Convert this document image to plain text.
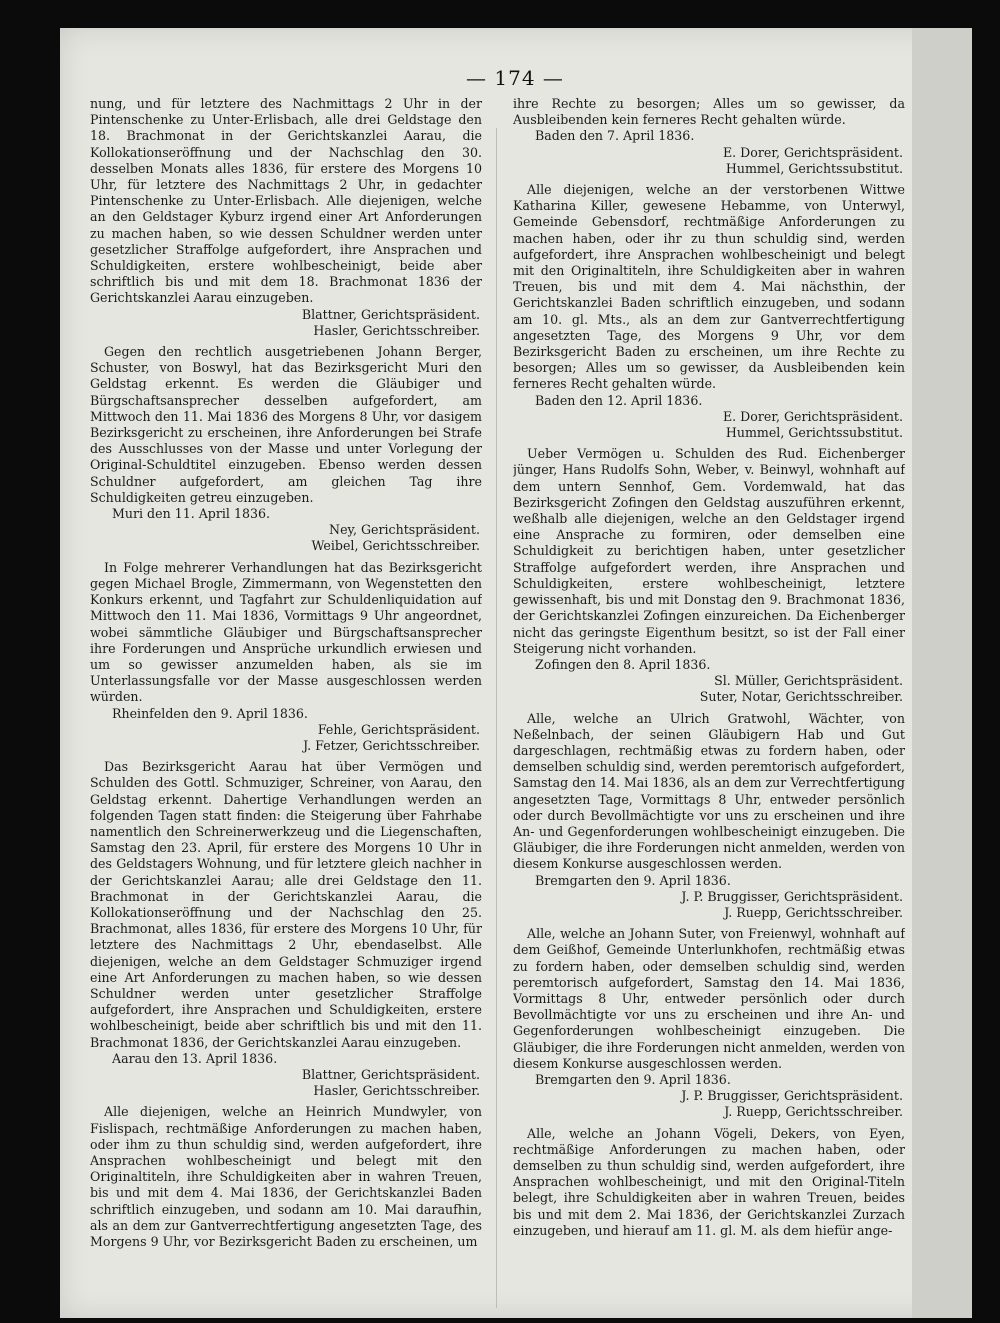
— 174 —

nung, und für letztere des Nachmittags 2 Uhr in der Pintenschenke zu Unter-Erlisbach, alle drei Geldstage den 18. Brachmonat in der Gerichtskanzlei Aarau, die Kollokationseröffnung und der Nachschlag den 30. desselben Monats alles 1836, für erstere des Morgens 10 Uhr, für letztere des Nachmittags 2 Uhr, in gedachter Pintenschenke zu Unter-Erlisbach. Alle diejenigen, welche an den Geldstager Kyburz irgend einer Art Anforderungen zu machen haben, so wie dessen Schuldner werden unter gesetzlicher Straffolge aufgefordert, ihre Ansprachen und Schuldigkeiten, erstere wohlbescheinigt, beide aber schriftlich bis und mit dem 18. Brachmonat 1836 der Gerichtskanzlei Aarau einzugeben.

Blattner, Gerichtspräsident.

Hasler, Gerichtsschreiber.

Gegen den rechtlich ausgetriebenen Johann Berger, Schuster, von Boswyl, hat das Bezirksgericht Muri den Geldstag erkennt. Es werden die Gläubiger und Bürgschaftsansprecher desselben aufgefordert, am Mittwoch den 11. Mai 1836 des Morgens 8 Uhr, vor dasigem Bezirksgericht zu erscheinen, ihre Anforderungen bei Strafe des Ausschlusses von der Masse und unter Vorlegung der Original-Schuldtitel einzugeben. Ebenso werden dessen Schuldner aufgefordert, am gleichen Tag ihre Schuldigkeiten getreu einzugeben.

Muri den 11. April 1836.

Ney, Gerichtspräsident.

Weibel, Gerichtsschreiber.

In Folge mehrerer Verhandlungen hat das Bezirksgericht gegen Michael Brogle, Zimmermann, von Wegenstetten den Konkurs erkennt, und Tagfahrt zur Schuldenliquidation auf Mittwoch den 11. Mai 1836, Vormittags 9 Uhr angeordnet, wobei sämmtliche Gläubiger und Bürgschaftsansprecher ihre Forderungen und Ansprüche urkundlich erwiesen und um so gewisser anzumelden haben, als sie im Unterlassungsfalle vor der Masse ausgeschlossen werden würden.

Rheinfelden den 9. April 1836.

Fehle, Gerichtspräsident.

J. Fetzer, Gerichtsschreiber.

Das Bezirksgericht Aarau hat über Vermögen und Schulden des Gottl. Schmuziger, Schreiner, von Aarau, den Geldstag erkennt. Dahertige Verhandlungen werden an folgenden Tagen statt finden: die Steigerung über Fahrhabe namentlich den Schreinerwerkzeug und die Liegenschaften, Samstag den 23. April, für erstere des Morgens 10 Uhr in des Geldstagers Wohnung, und für letztere gleich nachher in der Gerichtskanzlei Aarau; alle drei Geldstage den 11. Brachmonat in der Gerichtskanzlei Aarau, die Kollokationseröffnung und der Nachschlag den 25. Brachmonat, alles 1836, für erstere des Morgens 10 Uhr, für letztere des Nachmittags 2 Uhr, ebendaselbst. Alle diejenigen, welche an dem Geldstager Schmuziger irgend eine Art Anforderungen zu machen haben, so wie dessen Schuldner werden unter gesetzlicher Straffolge aufgefordert, ihre Ansprachen und Schuldigkeiten, erstere wohlbescheinigt, beide aber schriftlich bis und mit den 11. Brachmonat 1836, der Gerichtskanzlei Aarau einzugeben.

Aarau den 13. April 1836.

Blattner, Gerichtspräsident.

Hasler, Gerichtsschreiber.

Alle diejenigen, welche an Heinrich Mundwyler, von Fislispach, rechtmäßige Anforderungen zu machen haben, oder ihm zu thun schuldig sind, werden aufgefordert, ihre Ansprachen wohlbescheinigt und belegt mit den Originaltiteln, ihre Schuldigkeiten aber in wahren Treuen, bis und mit dem 4. Mai 1836, der Gerichtskanzlei Baden schriftlich einzugeben, und sodann am 10. Mai daraufhin, als an dem zur Gantverrechtfertigung angesetzten Tage, des Morgens 9 Uhr, vor Bezirksgericht Baden zu erscheinen, um

ihre Rechte zu besorgen; Alles um so gewisser, da Ausbleibenden kein ferneres Recht gehalten würde.

Baden den 7. April 1836.

E. Dorer, Gerichtspräsident.

Hummel, Gerichtssubstitut.

Alle diejenigen, welche an der verstorbenen Wittwe Katharina Killer, gewesene Hebamme, von Unterwyl, Gemeinde Gebensdorf, rechtmäßige Anforderungen zu machen haben, oder ihr zu thun schuldig sind, werden aufgefordert, ihre Ansprachen wohlbescheinigt und belegt mit den Originaltiteln, ihre Schuldigkeiten aber in wahren Treuen, bis und mit dem 4. Mai nächsthin, der Gerichtskanzlei Baden schriftlich einzugeben, und sodann am 10. gl. Mts., als an dem zur Gantverrechtfertigung angesetzten Tage, des Morgens 9 Uhr, vor dem Bezirksgericht Baden zu erscheinen, um ihre Rechte zu besorgen; Alles um so gewisser, da Ausbleibenden kein ferneres Recht gehalten würde.

Baden den 12. April 1836.

E. Dorer, Gerichtspräsident.

Hummel, Gerichtssubstitut.

Ueber Vermögen u. Schulden des Rud. Eichenberger jünger, Hans Rudolfs Sohn, Weber, v. Beinwyl, wohnhaft auf dem untern Sennhof, Gem. Vordemwald, hat das Bezirksgericht Zofingen den Geldstag auszuführen erkennt, weßhalb alle diejenigen, welche an den Geldstager irgend eine Ansprache zu formiren, oder demselben eine Schuldigkeit zu berichtigen haben, unter gesetzlicher Straffolge aufgefordert werden, ihre Ansprachen und Schuldigkeiten, erstere wohlbescheinigt, letztere gewissenhaft, bis und mit Donstag den 9. Brachmonat 1836, der Gerichtskanzlei Zofingen einzureichen. Da Eichenberger nicht das geringste Eigenthum besitzt, so ist der Fall einer Steigerung nicht vorhanden.

Zofingen den 8. April 1836.

Sl. Müller, Gerichtspräsident.

Suter, Notar, Gerichtsschreiber.

Alle, welche an Ulrich Gratwohl, Wächter, von Neßelnbach, der seinen Gläubigern Hab und Gut dargeschlagen, rechtmäßig etwas zu fordern haben, oder demselben schuldig sind, werden peremtorisch aufgefordert, Samstag den 14. Mai 1836, als an dem zur Verrechtfertigung angesetzten Tage, Vormittags 8 Uhr, entweder persönlich oder durch Bevollmächtigte vor uns zu erscheinen und ihre An- und Gegenforderungen wohlbescheinigt einzugeben. Die Gläubiger, die ihre Forderungen nicht anmelden, werden von diesem Konkurse ausgeschlossen werden.

Bremgarten den 9. April 1836.

J. P. Bruggisser, Gerichtspräsident.

J. Ruepp, Gerichtsschreiber.

Alle, welche an Johann Suter, von Freienwyl, wohnhaft auf dem Geißhof, Gemeinde Unterlunkhofen, rechtmäßig etwas zu fordern haben, oder demselben schuldig sind, werden peremtorisch aufgefordert, Samstag den 14. Mai 1836, Vormittags 8 Uhr, entweder persönlich oder durch Bevollmächtigte vor uns zu erscheinen und ihre An- und Gegenforderungen wohlbescheinigt einzugeben. Die Gläubiger, die ihre Forderungen nicht anmelden, werden von diesem Konkurse ausgeschlossen werden.

Bremgarten den 9. April 1836.

J. P. Bruggisser, Gerichtspräsident.

J. Ruepp, Gerichtsschreiber.

Alle, welche an Johann Vögeli, Dekers, von Eyen, rechtmäßige Anforderungen zu machen haben, oder demselben zu thun schuldig sind, werden aufgefordert, ihre Ansprachen wohlbescheinigt, und mit den Original-Titeln belegt, ihre Schuldigkeiten aber in wahren Treuen, beides bis und mit dem 2. Mai 1836, der Gerichtskanzlei Zurzach einzugeben, und hierauf am 11. gl. M. als dem hiefür ange-
